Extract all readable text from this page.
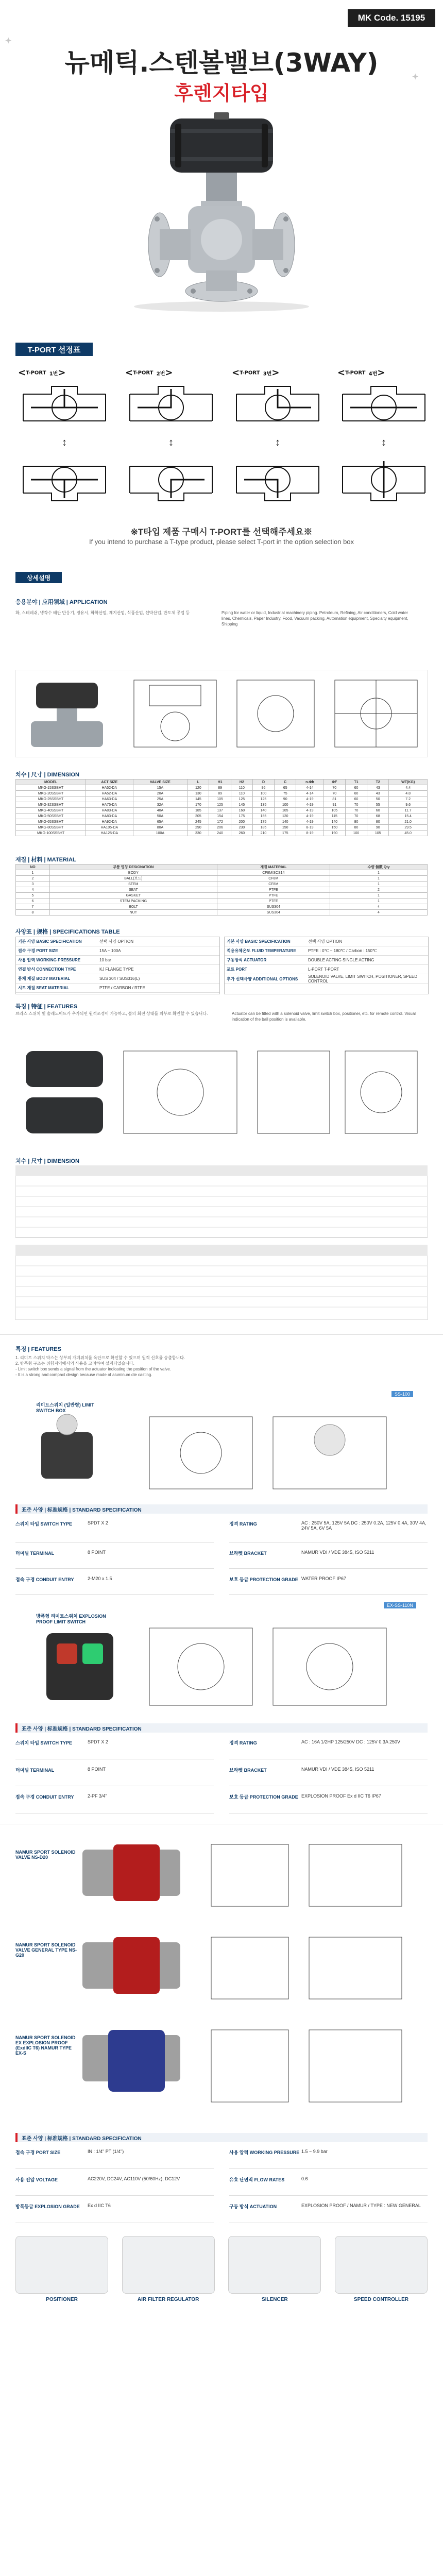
MK Code. 15195
뉴메틱.스텐볼밸브(3WAY)
후렌지타입
✦
✦
T-PORT 선정표
<T-PORT 1번>	<T-PORT 2번>	<T-PORT 3번>	<T-PORT 4번>
↕	↕	↕	↕
※T타입 제품 구매시 T-PORT를 선택해주세요※
If you intend to purchase a T-type product, please select T-port in the option selection box
상세설명
응용분야 | 应用领域 | APPLICATION
화, 스테레쉬, 냉각수 배관 반응기, 정유시, 화학산업, 제지산업, 식품산업, 선박산업, 반도체 공업 등	Piping for water or liquid, Industrial machinery piping. Petroleum, Refining, Air conditioners, Cold water lines, Chemicals, Paper Industry, Food, Vacuum packing, Automation equipment, Specialty equipment, Shipping
치수 | 尺寸 | DIMENSION
MODEL	ACT SIZE	VALVE SIZE	L	H1	H2	D	C	n-Φh	ΦF	T1	T2	WT(KG)
MKG-15SSBHT	HA52-DA	15A	120	89	110	95	65	4-14	70	60	43	4.4
MKG-20SSBHT	HA52-DA	20A	130	89	110	100	75	4-14	70	60	43	4.8
MKG-25SSBHT	HA63-DA	25A	145	105	125	125	90	4-19	81	60	50	7.2
MKG-32SSBHT	HA75-DA	32A	170	125	145	135	100	4-19	91	70	55	9.6
MKG-40SSBHT	HA83-DA	40A	185	137	160	140	105	4-19	105	70	60	11.7
MKG-50SSBHT	HA83-DA	50A	205	154	175	155	120	4-19	115	70	68	15.4
MKG-65SSBHT	HA92-DA	65A	245	172	200	175	140	4-19	140	80	80	21.0
MKG-80SSBHT	HA105-DA	80A	290	206	230	185	150	8-19	150	80	90	29.5
MKG-100SSBHT	HA125-DA	100A	330	240	260	210	175	8-19	190	100	105	45.0
재질 | 材料 | MATERIAL
NO	부품 명칭 DESIGNATION	재질 MATERIAL	수량 個數 Qty
1	BODY	CF8M/SCS14	1
2	BALL(보드)	CF8M	1
3	STEM	CF8M	1
4	SEAT	PTFE	2
5	GASKET	PTFE	1
6	STEM PACKING	PTFE	1
7	BOLT	SUS304	4
8	NUT	SUS304	4
사양표 | 规格 | SPECIFICATIONS TABLE
기본 사양 BASIC SPECIFICATION	선택 사양 OPTION
접속 구경 PORT SIZE	15A ~ 100A
사용 압력 WORKING PRESSURE	10 bar
연결 방식 CONNECTION TYPE	KJ FLANGE TYPE
몸체 재질 BODY MATERIAL	SUS 304 / SUS316(L)
시트 재질 SEAT MATERIAL	PTFE / CARBON / RTFE
기본 사양 BASIC SPECIFICATION	선택 사양 OPTION
적용유체온도 FLUID TEMPERATURE	PTFE : 0℃ ~ 180℃ / Carbon : 150℃
구동방식 ACTUATOR	DOUBLE ACTING SINGLE ACTING
포트 PORT	L-PORT T-PORT
추가 선택사양 ADDITIONAL OPTIONS	SOLENOID VALVE, LIMIT SWITCH, POSITIONER, SPEED CONTROL
특징 | 特征 | FEATURES
브라스 스위치 및 솔레노이드가 추가되면 원격조정이 가능하고, 볼의 회전 상태를 외부로 확인할 수 있습니다.	Actuator can be fitted with a solenoid valve, limit switch box, positioner, etc. for remote control. Visual indication of the ball position is available.
치수 | 尺寸 | DIMENSION
특징 | FEATURES
1. 리미트 스위치 박스는 상부의 개폐위치를 육안으로 확인할 수 있으며 원격 신호를 송출합니다.
2. 방폭형 구조는 위험지역에서의 사용을 고려하여 설계되었습니다.
- Limit switch box sends a signal from the actuator indicating the position of the valve.
- It is a strong and compact design because made of aluminum die casting.
SS-100
리미트스위치 (일반형) LIMIT SWITCH BOX
표준 사양 | 标准规格 | STANDARD SPECIFICATION
스위치 타입 SWITCH TYPE	SPDT X 2	정격 RATING	AC : 250V 5A, 125V 5A DC : 250V 0.2A, 125V 0.4A, 30V 4A, 24V 5A, 6V 5A
터미널 TERMINAL	8 POINT	브라켓 BRACKET	NAMUR VDI / VDE 3845, ISO 5211
접속 구경 CONDUIT ENTRY	2-M20 x 1.5	보호 등급 PROTECTION GRADE WATER PROOF IP67
EX-SS-110N
방폭형 리미트스위치 EXPLOSION PROOF LIMIT SWITCH
표준 사양 | 标准规格 | STANDARD SPECIFICATION
스위치 타입 SWITCH TYPE	SPDT X 2	정격 RATING	AC : 16A 1/2HP 125/250V DC : 125V 0.3A 250V
터미널 TERMINAL	8 POINT	브라켓 BRACKET	NAMUR VDI / VDE 3845, ISO 5211
접속 구경 CONDUIT ENTRY	2-PF 3/4"	보호 등급 PROTECTION GRADE EXPLOSION PROOF Ex d IIC T6 IP67
NAMUR SPORT SOLENOID VALVE NS-D20
NAMUR SPORT SOLENOID VALVE GENERAL TYPE NS-G20
NAMUR SPORT SOLENOID EX EXPLOSION PROOF (ExdIIC T6) NAMUR TYPE EX-S
표준 사양 | 标准规格 | STANDARD SPECIFICATION
접속 구경 PORT SIZE	IN : 1/4" PT (1/4")	사용 압력 WORKING PRESSURE 1.5 ~ 9.9 bar
사용 전압 VOLTAGE	AC220V, DC24V, AC110V (50/60Hz), DC12V	유효 단면적 FLOW RATES	0.6
방폭등급 EXPLOSION GRADE	Ex d IIC T6	구동 방식 ACTUATION	EXPLOSION PROOF / NAMUR / TYPE : NEW GENERAL
POSITIONER	AIR FILTER REGULATOR	SILENCER	SPEED CONTROLLER
